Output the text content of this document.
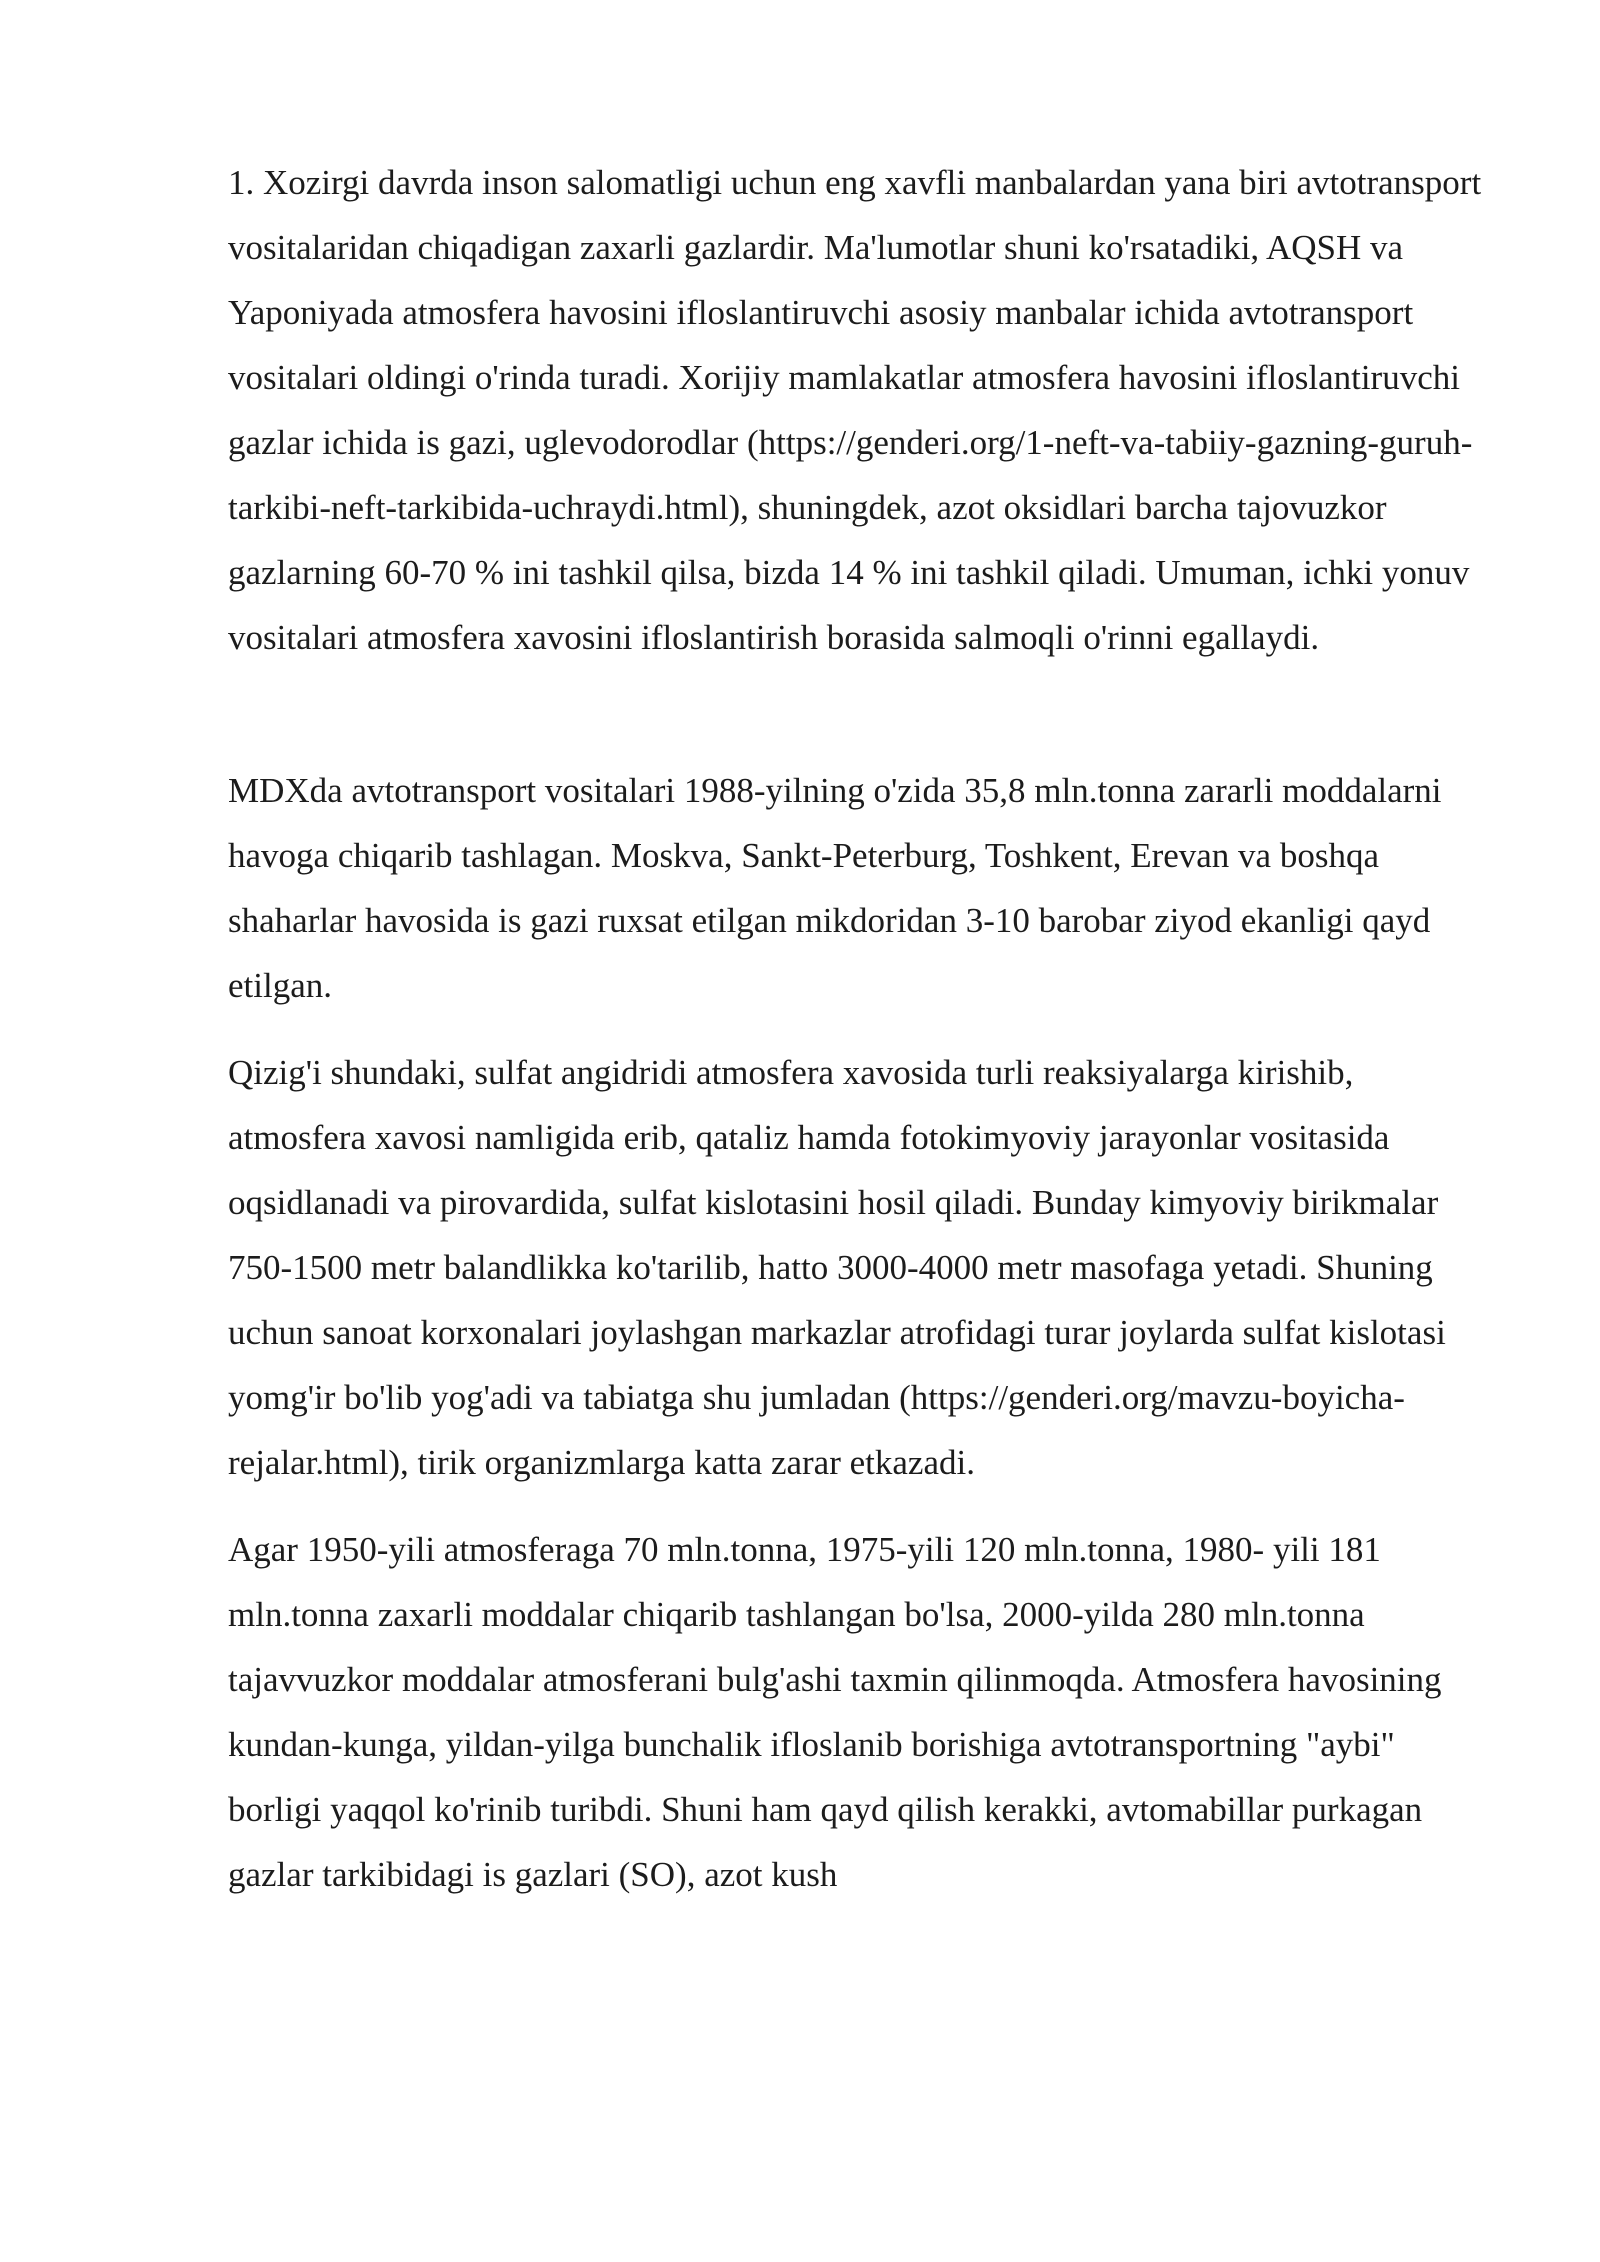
1. Xozirgi davrda inson salomatligi uchun eng xavfli manbalardan yana biri avtotransport vositalaridan chiqadigan zaxarli gazlardir. Ma'lumotlar shuni ko'rsatadiki, AQSH va Yaponiyada atmosfera havosini ifloslantiruvchi asosiy manbalar ichida avtotransport vositalari oldingi o'rinda turadi. Xorijiy mamlakatlar atmosfera havosini ifloslantiruvchi gazlar ichida is gazi, uglevodorodlar (https://genderi.org/1-neft-va-tabiiy-gazning-guruh-tarkibi-neft-tarkibida-uchraydi.html), shuningdek, azot oksidlari barcha tajovuzkor gazlarning 60-70 % ini tashkil qilsa, bizda 14 % ini tashkil qiladi. Umuman, ichki yonuv vositalari atmosfera xavosini ifloslantirish borasida salmoqli o'rinni egallaydi.

MDXda avtotransport vositalari 1988-yilning o'zida 35,8 mln.tonna zararli moddalarni havoga chiqarib tashlagan. Moskva, Sankt-Peterburg, Toshkent, Erevan va boshqa shaharlar havosida is gazi ruxsat etilgan mikdoridan 3-10 barobar ziyod ekanligi qayd etilgan.

Qizig'i shundaki, sulfat angidridi atmosfera xavosida turli reaksiyalarga kirishib, atmosfera xavosi namligida erib, qataliz hamda fotokimyoviy jarayonlar vositasida oqsidlanadi va pirovardida, sulfat kislotasini hosil qiladi. Bunday kimyoviy birikmalar 750-1500 metr balandlikka ko'tarilib, hatto 3000-4000 metr masofaga yetadi. Shuning uchun sanoat korxonalari joylashgan markazlar atrofidagi turar joylarda sulfat kislotasi yomg'ir bo'lib yog'adi va tabiatga shu jumladan (https://genderi.org/mavzu-boyicha-rejalar.html), tirik organizmlarga katta zarar etkazadi.

Agar 1950-yili atmosferaga 70 mln.tonna, 1975-yili 120 mln.tonna, 1980- yili 181 mln.tonna zaxarli moddalar chiqarib tashlangan bo'lsa, 2000-yilda 280 mln.tonna tajavvuzkor moddalar atmosferani bulg'ashi taxmin qilinmoqda. Atmosfera havosining kundan-kunga, yildan-yilga bunchalik ifloslanib borishiga avtotransportning "aybi" borligi yaqqol ko'rinib turibdi. Shuni ham qayd qilish kerakki, avtomabillar purkagan gazlar tarkibidagi is gazlari (SO), azot kush
